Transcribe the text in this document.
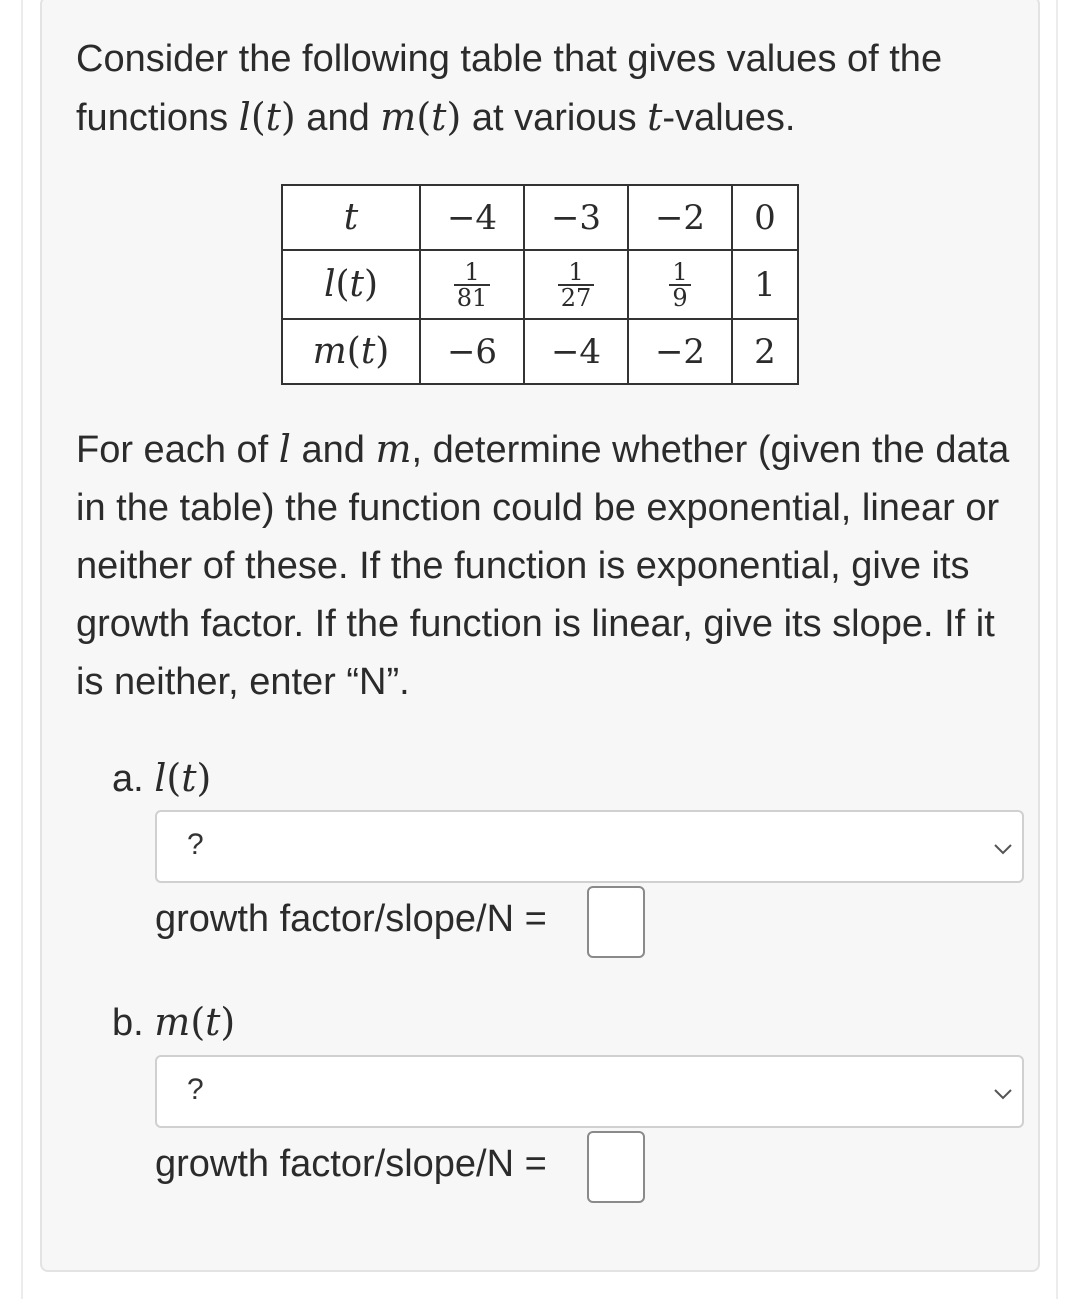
Consider the following table that gives values of the
functions l(t) and m(t) at various t-values.

t	−4	−3	−2	0
l(t)	$\frac{1}{81}$	$\frac{1}{27}$	$\frac{1}{9}$	1
m(t)	−6	−4	−2	2

For each of l and m, determine whether (given the data in the table) the function could be exponential, linear or neither of these. If the function is exponential, give its growth factor. If the function is linear, give its slope. If it is neither, enter “N”.

a. l(t)
?
growth factor/slope/N =
b. m(t)
?
growth factor/slope/N =
